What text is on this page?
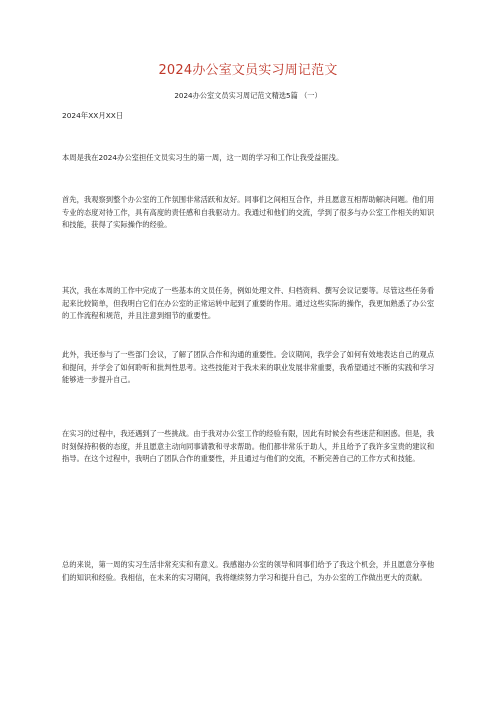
2024办公室文员实习周记范文
2024办公室文员实习周记范文精选5篇 （一）
2024年XX月XX日

本周是我在2024办公室担任文员实习生的第一周，这一周的学习和工作让我受益匪浅。

首先，我观察到整个办公室的工作氛围非常活跃和友好。同事们之间相互合作，并且愿意互相帮助解决问题。他们用专业的态度对待工作，具有高度的责任感和自我驱动力。我通过和他们的交流，学到了很多与办公室工作相关的知识和技能，获得了实际操作的经验。

其次，我在本周的工作中完成了一些基本的文员任务，例如处理文件、归档资料、撰写会议记要等。尽管这些任务看起来比较简单，但我明白它们在办公室的正常运转中起到了重要的作用。通过这些实际的操作，我更加熟悉了办公室的工作流程和规范，并且注意到细节的重要性。

此外，我还参与了一些部门会议，了解了团队合作和沟通的重要性。会议期间，我学会了如何有效地表达自己的观点和提问，并学会了如何聆听和批判性思考。这些技能对于我未来的职业发展非常重要，我希望通过不断的实践和学习能够进一步提升自己。

在实习的过程中，我还遇到了一些挑战。由于我对办公室工作的经验有限，因此有时候会有些迷茫和困惑。但是，我时刻保持积极的态度，并且愿意主动向同事请教和寻求帮助。他们都非常乐于助人，并且给予了我许多宝贵的建议和指导。在这个过程中，我明白了团队合作的重要性，并且通过与他们的交流，不断完善自己的工作方式和技能。

总的来说，第一周的实习生活非常充实和有意义。我感谢办公室的领导和同事们给予了我这个机会，并且愿意分享他们的知识和经验。我相信，在未来的实习期间，我将继续努力学习和提升自己，为办公室的工作做出更大的贡献。
